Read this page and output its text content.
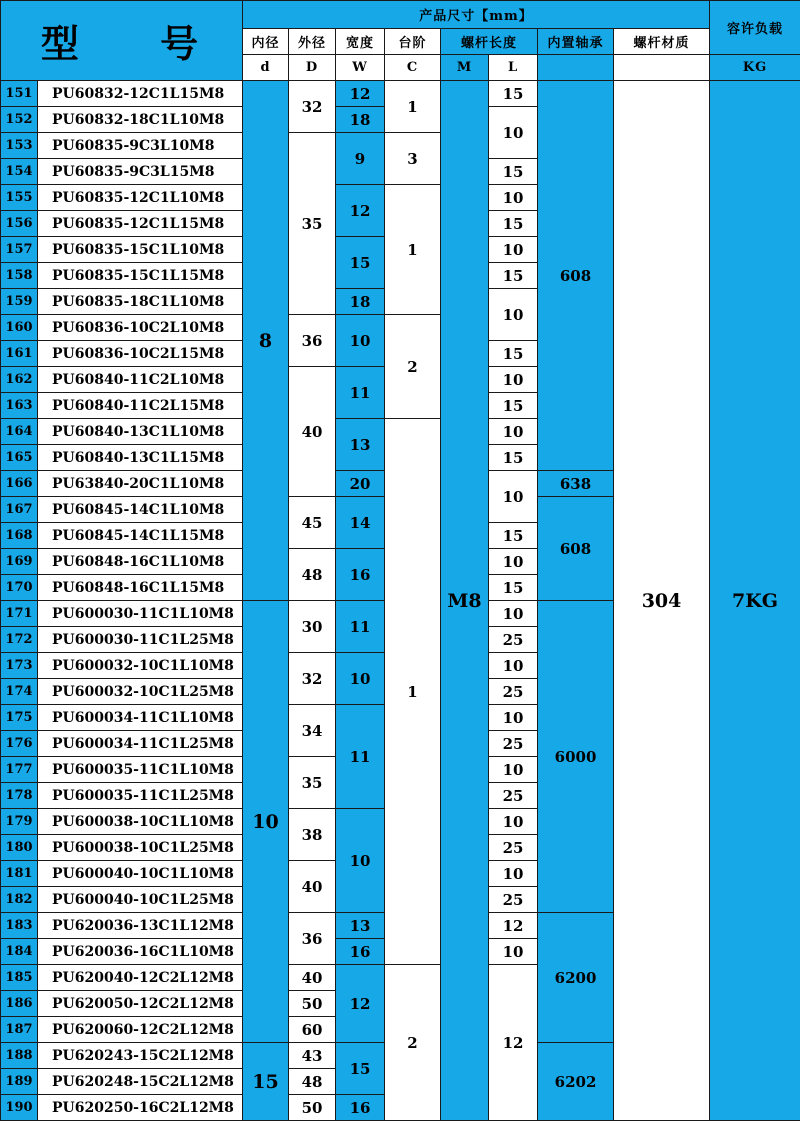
型 号		产品尺寸【mm】								容许负载
		内径	外径	宽度	台阶	螺杆长度		内置轴承	螺杆材质	
		d	D	W	C	M	L			KG
151	PU60832-12C1L15M8	8	32	12	1	M8	15	608	304	7KG
152	PU60832-18C1L10M8			18			10			
153	PU60835-9C3L10M8		35	9	3					
154	PU60835-9C3L15M8						15			
155	PU60835-12C1L10M8			12	1		10			
156	PU60835-12C1L15M8						15			
157	PU60835-15C1L10M8			15			10			
158	PU60835-15C1L15M8						15			
159	PU60835-18C1L10M8			18			10			
160	PU60836-10C2L10M8		36	10	2					
161	PU60836-10C2L15M8						15			
162	PU60840-11C2L10M8		40	11			10			
163	PU60840-11C2L15M8						15			
164	PU60840-13C1L10M8			13	1		10			
165	PU60840-13C1L15M8						15			
166	PU63840-20C1L10M8			20			10	638		
167	PU60845-14C1L10M8		45	14				608		
168	PU60845-14C1L15M8						15			
169	PU60848-16C1L10M8		48	16			10			
170	PU60848-16C1L15M8						15			
171	PU600030-11C1L10M8	10	30	11			10	6000		
172	PU600030-11C1L25M8						25			
173	PU600032-10C1L10M8		32	10			10			
174	PU600032-10C1L25M8						25			
175	PU600034-11C1L10M8		34	11			10			
176	PU600034-11C1L25M8						25			
177	PU600035-11C1L10M8		35				10			
178	PU600035-11C1L25M8						25			
179	PU600038-10C1L10M8		38	10			10			
180	PU600038-10C1L25M8						25			
181	PU600040-10C1L10M8		40				10			
182	PU600040-10C1L25M8						25			
183	PU620036-13C1L12M8		36	13			12	6200		
184	PU620036-16C1L10M8			16			10			
185	PU620040-12C2L12M8		40	12	2		12			
186	PU620050-12C2L12M8		50							
187	PU620060-12C2L12M8		60							
188	PU620243-15C2L12M8	15	43	15				6202		
189	PU620248-15C2L12M8		48							
190	PU620250-16C2L12M8		50	16						
